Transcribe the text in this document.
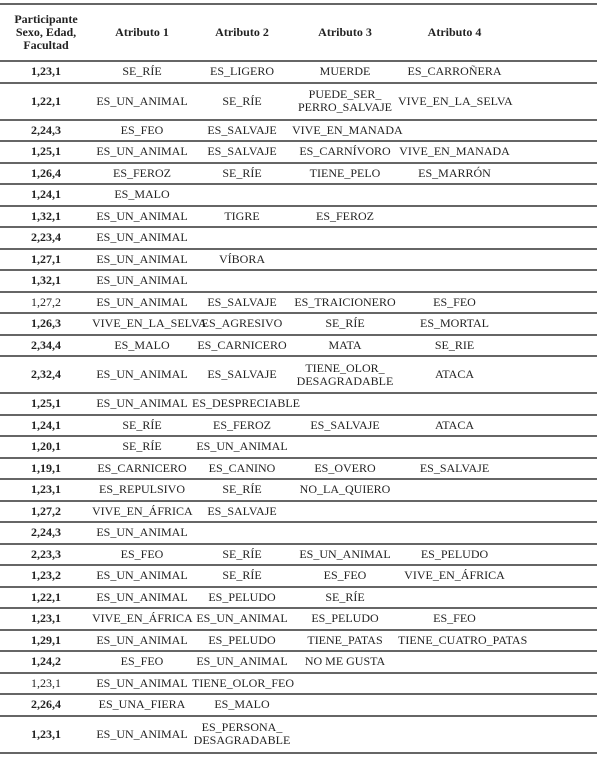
Participante Sexo, Edad, Facultad	Atributo 1	Atributo 2	Atributo 3	Atributo 4
1,23,1	SE_RÍE	ES_LIGERO	MUERDE	ES_CARROÑERA
1,22,1	ES_UN_ANIMAL	SE_RÍE	PUEDE_SER_ PERRO_SALVAJE	VIVE_EN_LA_SELVA
2,24,3	ES_FEO	ES_SALVAJE	VIVE_EN_MANADA	
1,25,1	ES_UN_ANIMAL	ES_SALVAJE	ES_CARNÍVORO	VIVE_EN_MANADA
1,26,4	ES_FEROZ	SE_RÍE	TIENE_PELO	ES_MARRÓN
1,24,1	ES_MALO			
1,32,1	ES_UN_ANIMAL	TIGRE	ES_FEROZ	
2,23,4	ES_UN_ANIMAL			
1,27,1	ES_UN_ANIMAL	VÍBORA		
1,32,1	ES_UN_ANIMAL			
1,27,2	ES_UN_ANIMAL	ES_SALVAJE	ES_TRAICIONERO	ES_FEO
1,26,3	VIVE_EN_LA_SELVA	ES_AGRESIVO	SE_RÍE	ES_MORTAL
2,34,4	ES_MALO	ES_CARNICERO	MATA	SE_RIE
2,32,4	ES_UN_ANIMAL	ES_SALVAJE	TIENE_OLOR_ DESAGRADABLE	ATACA
1,25,1	ES_UN_ANIMAL	ES_DESPRECIABLE		
1,24,1	SE_RÍE	ES_FEROZ	ES_SALVAJE	ATACA
1,20,1	SE_RÍE	ES_UN_ANIMAL		
1,19,1	ES_CARNICERO	ES_CANINO	ES_OVERO	ES_SALVAJE
1,23,1	ES_REPULSIVO	SE_RÍE	NO_LA_QUIERO	
1,27,2	VIVE_EN_ÁFRICA	ES_SALVAJE		
2,24,3	ES_UN_ANIMAL			
2,23,3	ES_FEO	SE_RÍE	ES_UN_ANIMAL	ES_PELUDO
1,23,2	ES_UN_ANIMAL	SE_RÍE	ES_FEO	VIVE_EN_ÁFRICA
1,22,1	ES_UN_ANIMAL	ES_PELUDO	SE_RÍE	
1,23,1	VIVE_EN_ÁFRICA	ES_UN_ANIMAL	ES_PELUDO	ES_FEO
1,29,1	ES_UN_ANIMAL	ES_PELUDO	TIENE_PATAS	TIENE_CUATRO_PATAS
1,24,2	ES_FEO	ES_UN_ANIMAL	NO ME GUSTA	
1,23,1	ES_UN_ANIMAL	TIENE_OLOR_FEO		
2,26,4	ES_UNA_FIERA	ES_MALO		
1,23,1	ES_UN_ANIMAL	ES_PERSONA_ DESAGRADABLE		
